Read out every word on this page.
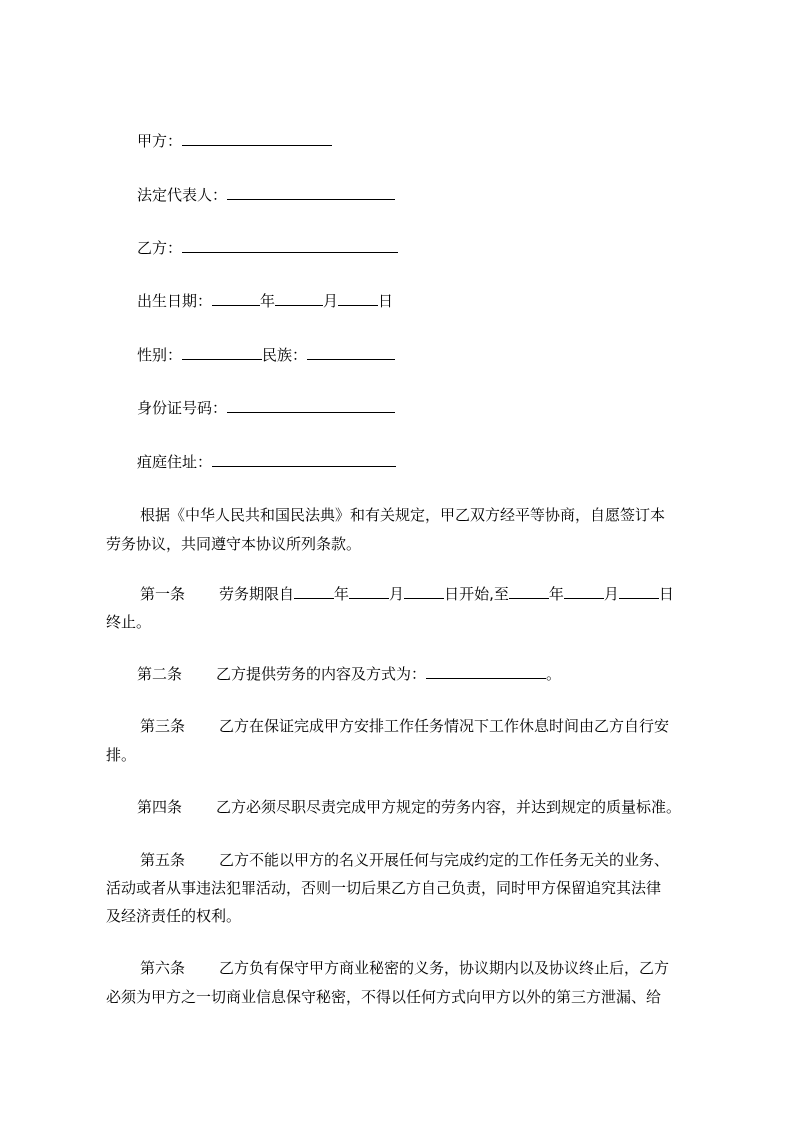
甲方：
法定代表人：
乙方：
出生日期：	年	月	日
性别：	民族：
身份证号码：
疽庭住址：
根据《中华人民共和国民法典》和有关规定，甲乙双方经平等协商，自愿签订本
劳务协议，共同遵守本协议所列条款。
第一条 劳务期限自	年	月	日开始,至	年	月	日
终止。
第二条 乙方提供劳务的内容及方式为：	。
第三条 乙方在保证完成甲方安排工作任务情况下工作休息时间由乙方自行安
排。
第四条 乙方必须尽职尽责完成甲方规定的劳务内容，并达到规定的质量标准。
第五条 乙方不能以甲方的名义开展任何与完成约定的工作任务无关的业务、
活动或者从事违法犯罪活动，否则一切后果乙方自己负责，同时甲方保留追究其法律
及经济责任的权利。
第六条 乙方负有保守甲方商业秘密的义务，协议期内以及协议终止后，乙方
必须为甲方之一切商业信息保守秘密，不得以任何方式向甲方以外的第三方泄漏、给
